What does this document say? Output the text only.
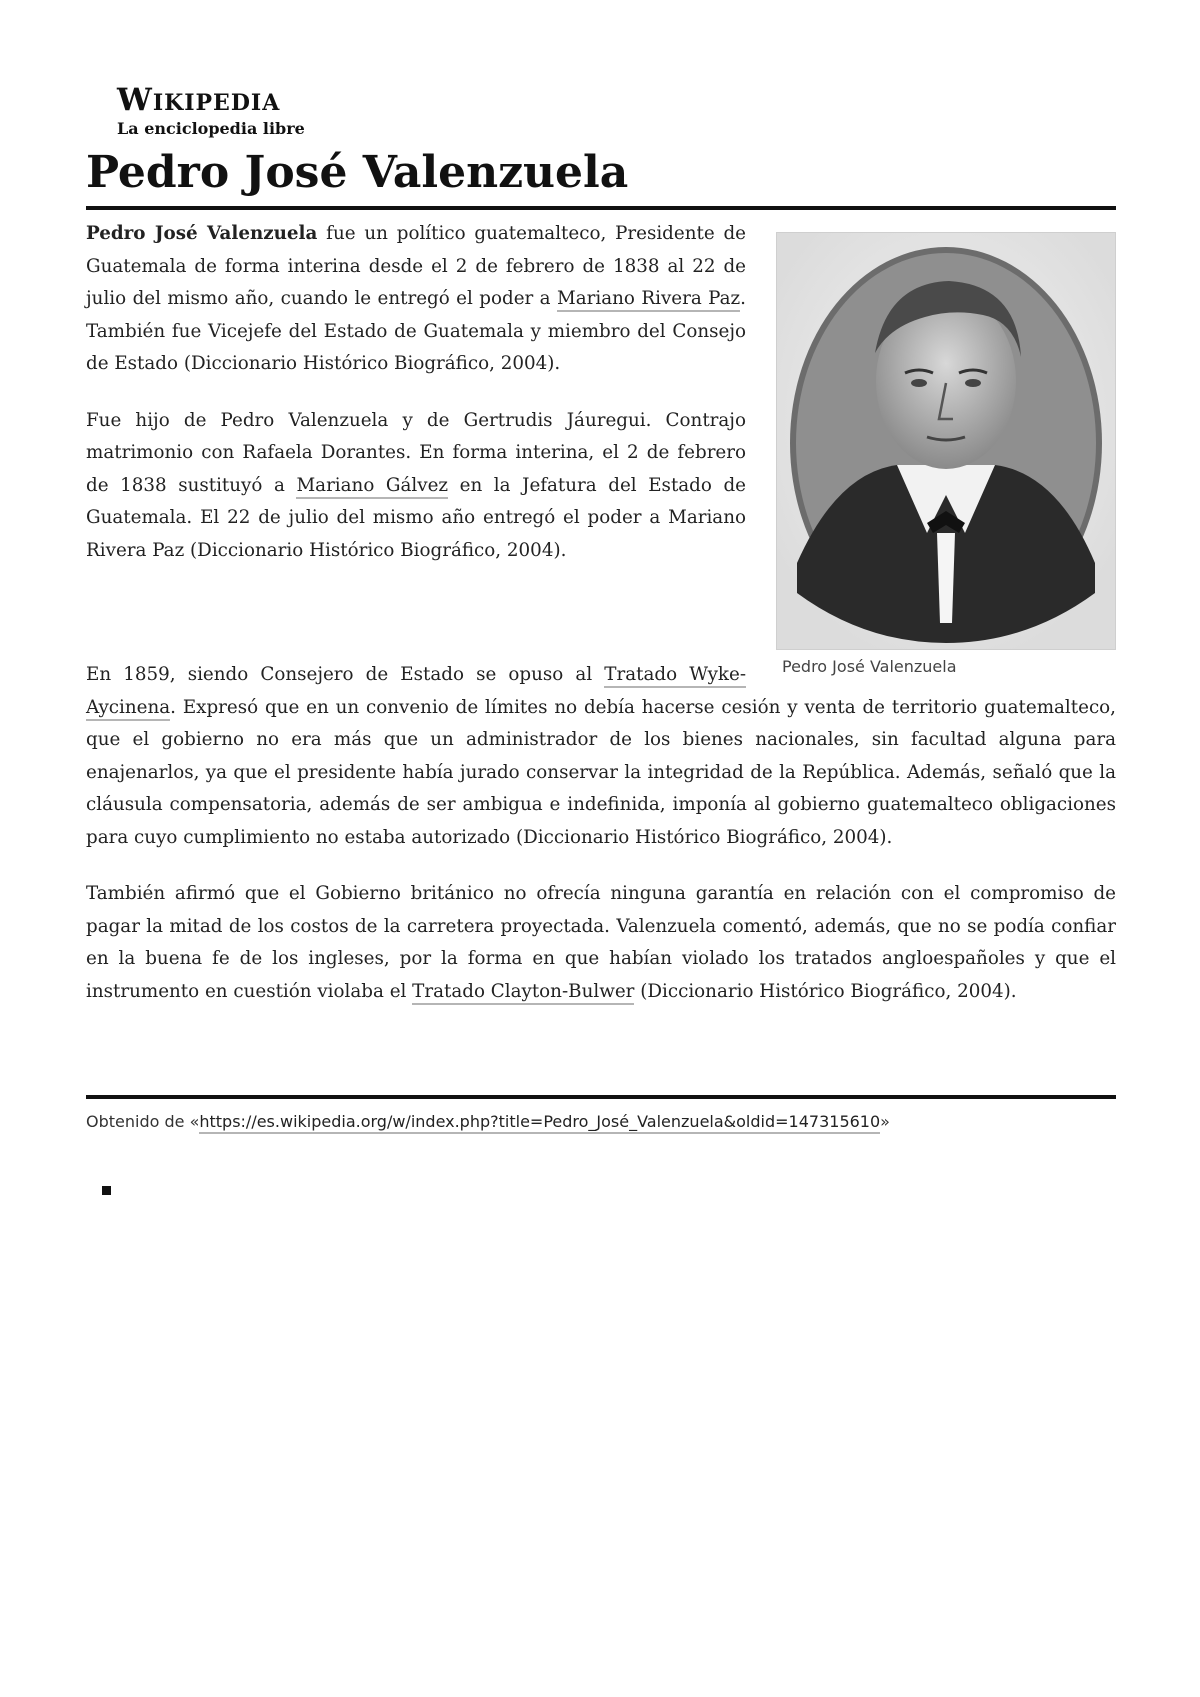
Wikipedia
La enciclopedia libre
Pedro José Valenzuela
Pedro José Valenzuela

Pedro José Valenzuela fue un político guatemalteco, Presidente de Guatemala de forma interina desde el 2 de febrero de 1838 al 22 de julio del mismo año, cuando le entregó el poder a Mariano Rivera Paz. También fue Vicejefe del Estado de Guatemala y miembro del Consejo de Estado (Diccionario Histórico Biográfico, 2004).

Fue hijo de Pedro Valenzuela y de Gertrudis Jáuregui. Contrajo matrimonio con Rafaela Dorantes. En forma interina, el 2 de febrero de 1838 sustituyó a Mariano Gálvez en la Jefatura del Estado de Guatemala. El 22 de julio del mismo año entregó el poder a Mariano Rivera Paz (Diccionario Histórico Biográfico, 2004).

En 1859, siendo Consejero de Estado se opuso al Tratado Wyke-Aycinena. Expresó que en un convenio de límites no debía hacerse cesión y venta de territorio guatemalteco, que el gobierno no era más que un administrador de los bienes nacionales, sin facultad alguna para enajenarlos, ya que el presidente había jurado conservar la integridad de la República. Además, señaló que la cláusula compensatoria, además de ser ambigua e indefinida, imponía al gobierno guatemalteco obligaciones para cuyo cumplimiento no estaba autorizado (Diccionario Histórico Biográfico, 2004).

También afirmó que el Gobierno británico no ofrecía ninguna garantía en relación con el compromiso de pagar la mitad de los costos de la carretera proyectada. Valenzuela comentó, además, que no se podía confiar en la buena fe de los ingleses, por la forma en que habían violado los tratados angloespañoles y que el instrumento en cuestión violaba el Tratado Clayton-Bulwer (Diccionario Histórico Biográfico, 2004).

Obtenido de «https://es.wikipedia.org/w/index.php?title=Pedro_José_Valenzuela&oldid=147315610»
